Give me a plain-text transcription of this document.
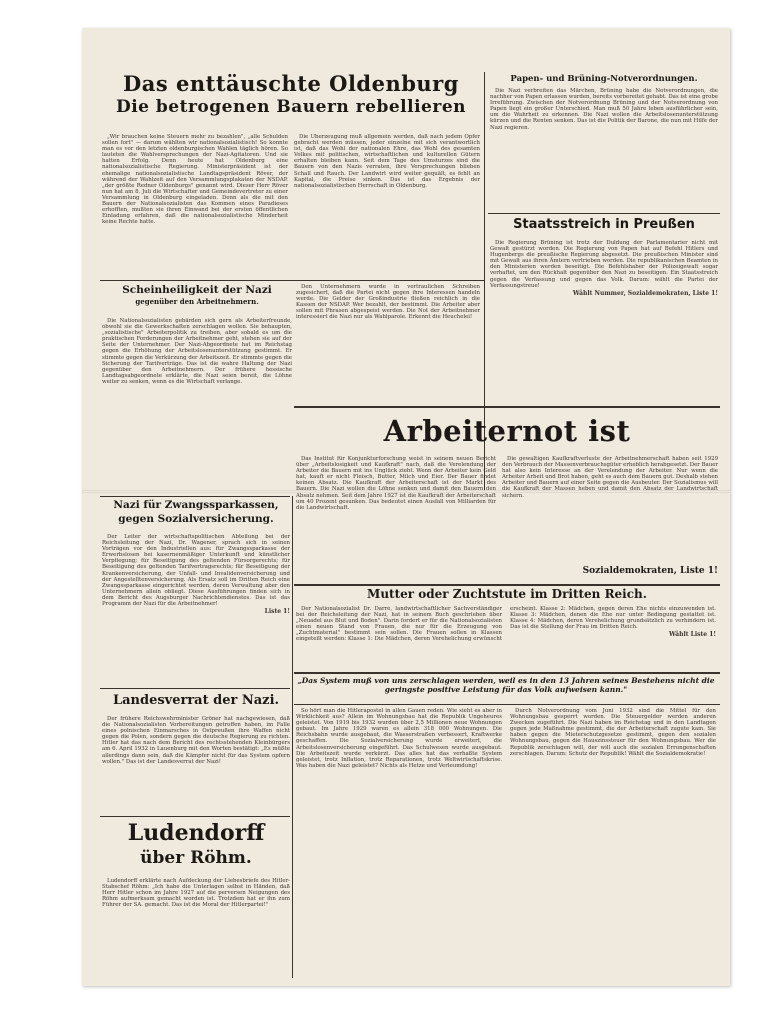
Das enttäuschte Oldenburg
Die betrogenen Bauern rebellieren

„Wir brauchen keine Steuern mehr zu bezahlen", „alle Schulden sollen fort" — darum wählten wir nationalsozialistisch! So konnte man es vor den letzten oldenburgischen Wahlen täglich hören. So lauteten die Wahlversprechungen der Nazi-Agitatoren. Und sie hatten Erfolg. Denn heute hat Oldenburg eine nationalsozialistische Regierung. Ministerpräsident ist der ehemalige nationalsozialistische Landtagspräsident Röver, der während der Wahlzeit auf den Versammlungsplakaten der NSDAP. „der größte Redner Oldenburgs" genannt wird. Dieser Herr Röver nun hat am 8. Juli die Wirtschafter und Gemeindevertreter zu einer Versammlung in Oldenburg eingeladen. Denn als die mit den Bauern der Nationalsozialisten das Kommen eines Paradieses erhofften, mußten sie ihren Einwand bei der ersten öffentlichen Einladung erfahren, daß die nationalsozialistische Minderheit keine Rechte hatte.

Die Überzeugung muß allgemein werden, daß nach jedem Opfer gebracht werden müssen, jeder einzelne mit sich verantwortlich ist, daß das Wohl der nationalen Ehre, das Wohl des gesamten Volkes mit politischen, wirtschaftlichen und kulturellen Gütern erhalten bleiben kann. Seit dem Tage des Umsturzes sind die Bauern von den Nazis verraten, ihre Versprechungen blieben Schall und Rauch. Der Landwirt wird weiter gequält, es fehlt an Kapital, die Preise sinken. Das ist das Ergebnis der nationalsozialistischen Herrschaft in Oldenburg.

Papen- und Brüning-Notverordnungen.

Die Nazi verbreiten das Märchen, Brüning habe die Notverordnungen, die nachher von Papen erlassen wurden, bereits vorbereitet gehabt. Das ist eine grobe Irreführung. Zwischen der Notverordnung Brüning und der Notverordnung von Papen liegt ein großer Unterschied. Man muß 50 Jahre leben ausführlicher sein, um die Wahrheit zu erkennen. Die Nazi wollen die Arbeitslosenunterstützung kürzen und die Renten senken. Das ist die Politik der Barone, die nun mit Hilfe der Nazi regieren.

Staatsstreich in Preußen

Die Regierung Brüning ist trotz der Duldung der Parlamentarier nicht mit Gewalt gestürzt worden. Die Regierung von Papen hat auf Befehl Hitlers und Hugenbergs die preußische Regierung abgesetzt. Die preußischen Minister sind mit Gewalt aus ihren Ämtern vertrieben worden. Die republikanischen Beamten in den Ministerien werden beseitigt. Die Befehlshaber der Polizeigewalt sogar verhaftet, um den Rückhalt gegenüber den Nazi zu beseitigen. Ein Staatsstreich gegen die Verfassung und gegen das Volk. Darum: wählt die Partei der Verfassungstreue!

Wählt Nummer, Sozialdemokraten, Liste 1!
Scheinheiligkeit der Nazi
gegenüber den Arbeitnehmern.

Die Nationalsozialisten gebärden sich gern als Arbeiterfreunde, obwohl sie die Gewerkschaften zerschlagen wollen. Sie behaupten, „sozialistische" Arbeiterpolitik zu treiben, aber sobald es um die praktischen Forderungen der Arbeitnehmer geht, stehen sie auf der Seite der Unternehmer. Der Nazi-Abgeordnete hat im Reichstag gegen die Erhöhung der Arbeitslosenunterstützung gestimmt. Er stimmte gegen die Verkürzung der Arbeitszeit. Er stimmte gegen die Sicherung der Tarifverträge. Das ist die wahre Haltung der Nazi gegenüber den Arbeitnehmern. Der frühere hessische Landtagsabgeordnete erklärte, die Nazi seien bereit, die Löhne weiter zu senken, wenn es die Wirtschaft verlange.

Den Unternehmern wurde in vertraulichen Schreiben zugesichert, daß die Partei nicht gegen ihre Interessen handeln werde. Die Gelder der Großindustrie fließen reichlich in die Kassen der NSDAP. Wer bezahlt, der bestimmt. Die Arbeiter aber sollen mit Phrasen abgespeist werden. Die Not der Arbeitnehmer interessiert die Nazi nur als Wahlparole. Erkennt die Heuchelei!

Arbeiternot ist

Das Institut für Konjunkturforschung weist in seinem neuen Bericht über „Arbeitslosigkeit und Kaufkraft" nach, daß die Verelendung der Arbeiter die Bauern mit ins Unglück zieht. Wenn der Arbeiter kein Geld hat, kauft er nicht Fleisch, Butter, Milch und Eier. Der Bauer findet keinen Absatz. Die Kaufkraft der Arbeiterschaft ist der Markt des Absatz nehmen. Seit dem Jahre 1927 ist die Kaufkraft der Arbeiterschaft um 40 Prozent gesunken. Das bedeutet einen Ausfall von Milliarden für die Landwirtschaft.

Die gewaltigen Kaufkraftverluste der Arbeitnehmerschaft haben seit 1929 den Verbrauch der Massenverbrauchsgüter erheblich herabgesetzt. Der Bauer hat also kein Interesse an der Verelendung der Arbeiter. Nur wenn die Arbeiter Arbeit und Brot haben, geht es auch dem Bauern gut. Deshalb stehen Arbeiter und Bauern auf einer Seite gegen die Ausbeuter. Der Sozialismus will sichern.

Sozialdemokraten, Liste 1!
Nazi für Zwangssparkassen,
gegen Sozialversicherung.

Der Leiter der wirtschaftspolitischen Abteilung bei der Reichsleitung der Nazi, Dr. Wagener, sprach sich in seinen Vorträgen vor den Industriellen aus: für Zwangssparkasse der Erwerbslosen bei kasernenmäßiger Unterkunft und künstlicher Verpflegung; für Beseitigung des geltenden Fürsorgerechts; für Beseitigung des geltenden Tarifvertragsrechts; für Beseitigung der Krankenversicherung, der Unfall- und Invalidenversicherung und der Angestelltenversicherung. Als Ersatz soll im Dritten Reich eine Zwangssparkasse eingerichtet werden, deren Verwaltung aber den Unternehmern allein obliegt. Diese Ausführungen finden sich in dem Bericht des Augsburger Nachrichtendienstes. Das ist das Programm der Nazi für die Arbeitnehmer!

Liste 1!
Mutter oder Zuchtstute im Dritten Reich.

Der Nationalsozialist Dr. Darré, landwirtschaftlicher Sachverständiger bei der Reichsleitung der Nazi, hat in seinem Buch geschrieben über „Neuadel aus Blut und Boden". Darin fordert er für die Nationalsozialisten einen neuen Stand von Frauen, die nur für die Erzeugung von „Zuchtmaterial" bestimmt sein sollen. Die Frauen sollen in Klassen eingeteilt werden: Klasse 1: Die Mädchen, deren Verehelichung erwünscht erscheint. Klasse 2: Mädchen, gegen deren Ehe nichts einzuwenden ist. Klasse 3: Mädchen, denen die Ehe nur unter Bedingung gestattet ist. Klasse 4: Mädchen, deren Verehelichung grundsätzlich zu verhindern ist. Das ist die Stellung der Frau im Dritten Reich.

Wählt Liste 1!
„Das System muß von uns zerschlagen werden, weil es in den 13 Jahren seines Bestehens nicht die geringste positive Leistung für das Volk aufweisen kann."

So hört man die Hitlerapostel in allen Gauen reden. Wie sieht es aber in Wirklichkeit aus? Allein im Wohnungsbau hat die Republik Ungeheures geleistet. Von 1919 bis 1932 wurden über 2,5 Millionen neue Wohnungen gebaut. Im Jahre 1929 waren es allein 318 000 Wohnungen. Die Reichsbahn wurde ausgebaut, die Wasserstraßen verbessert, Kraftwerke geschaffen. Die Sozialversicherung wurde erweitert, die Arbeitslosenversicherung eingeführt. Das Schulwesen wurde ausgebaut. Die Arbeitszeit wurde verkürzt. Das alles hat das verhaßte System geleistet, trotz Inflation, trotz Reparationen, trotz Weltwirtschaftskrise. Was haben die Nazi geleistet? Nichts als Hetze und Verleumdung!

Durch Notverordnung vom Juni 1932 sind die Mittel für den Wohnungsbau gesperrt worden. Die Steuergelder werden anderen Zwecken zugeführt. Die Nazi haben im Reichstag und in den Landtagen gegen jede Maßnahme gestimmt, die der Arbeiterschaft zugute kam. Sie haben gegen die Mieterschutzgesetze gestimmt, gegen den sozialen Wohnungsbau, gegen die Hauszinssteuer für den Wohnungsbau. Wer die Republik zerschlagen will, der will auch die sozialen Errungenschaften zerschlagen. Darum: Schutz der Republik! Wählt die Sozialdemokratie!

Landesverrat der Nazi.

Der frühere Reichswehrminister Gröner hat nachgewiesen, daß die Nationalsozialisten Vorbereitungen getroffen haben, im Falle eines polnischen Einmarsches in Ostpreußen ihre Waffen nicht gegen die Polen, sondern gegen die deutsche Regierung zu richten. Hitler hat das nach dem Bericht des rechtsstehenden Kleinbürgers am 6. April 1932 in Lauenburg mit den Worten bestätigt: „Es müßte allerdings dann sein, daß die Kämpfer nicht für das System opfern wollen." Das ist der Landesverrat der Nazi!

Ludendorff
über Röhm.

Ludendorff erklärte nach Aufdeckung der Liebesbriefe des Hitler-Stabschef Röhm: „Ich habe die Unterlagen selbst in Händen, daß Herr Hitler schon im Jahre 1927 auf die perversen Neigungen des Röhm aufmerksam gemacht worden ist. Trotzdem hat er ihn zum Führer der SA. gemacht. Das ist die Moral der Hitlerpartei!"
